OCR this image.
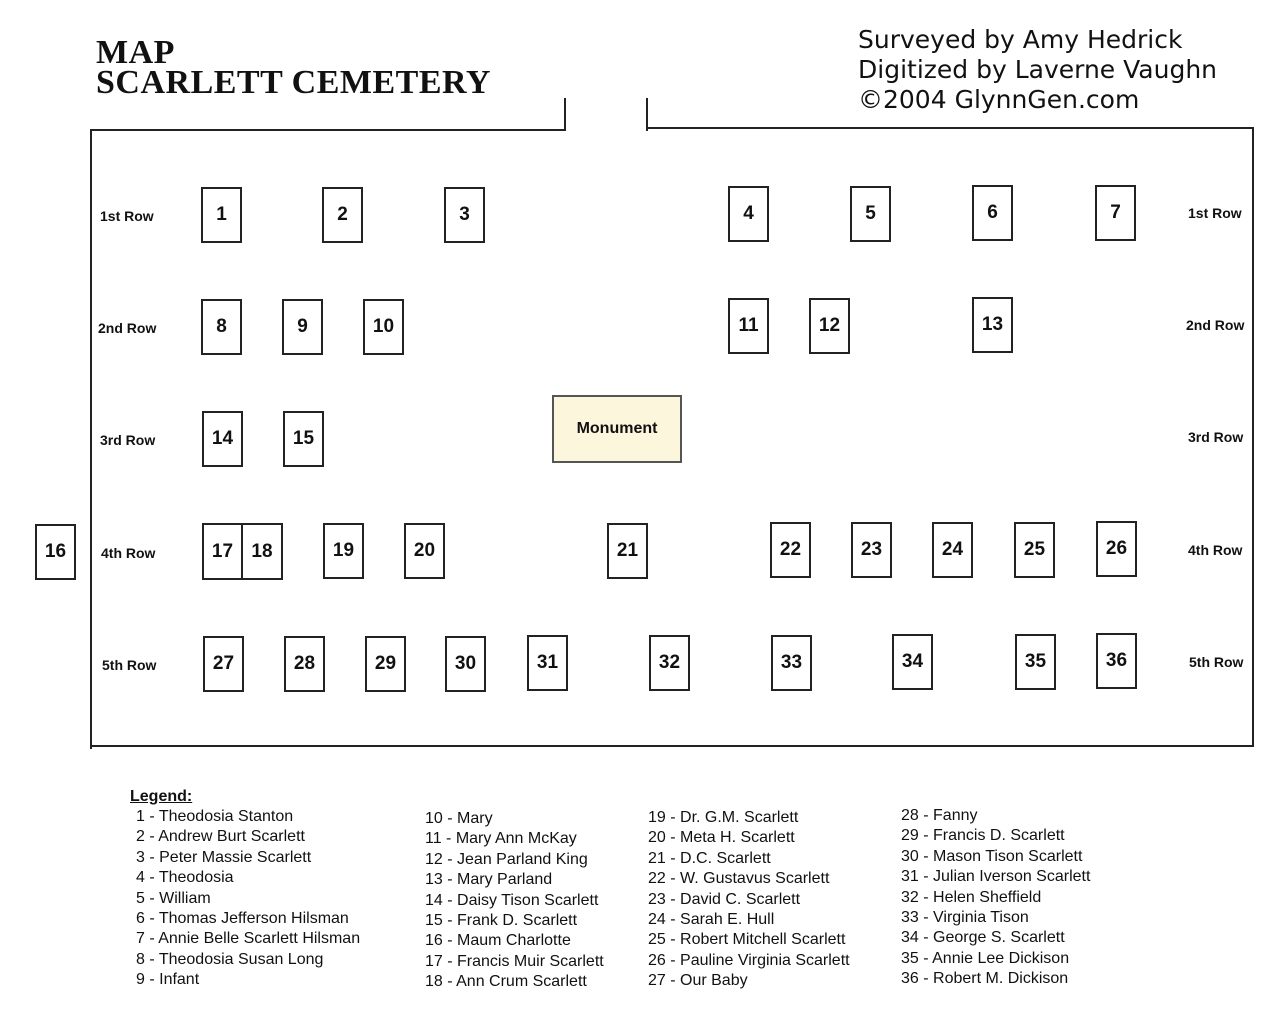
MAP
SCARLETT CEMETERY
Surveyed by Amy Hedrick
Digitized by Laverne Vaughn
©2004 GlynnGen.com
1st Row
2nd Row
3rd Row
4th Row
5th Row
1st Row
2nd Row
3rd Row
4th Row
5th Row
Monument
1	2	3	4	5	6	7
8	9	10	11	12	13
14	15
16	17 18	19	20	21	22	23	24	25	26
27	28	29	30	31	32	33	34	35	36
Legend:
1 - Theodosia Stanton
2 - Andrew Burt Scarlett
3 - Peter Massie Scarlett
4 - Theodosia
5 - William
6 - Thomas Jefferson Hilsman
7 - Annie Belle Scarlett Hilsman
8 - Theodosia Susan Long
9 - Infant
10 - Mary
11 - Mary Ann McKay
12 - Jean Parland King
13 - Mary Parland
14 - Daisy Tison Scarlett
15 - Frank D. Scarlett
16 - Maum Charlotte
17 - Francis Muir Scarlett
18 - Ann Crum Scarlett
19 - Dr. G.M. Scarlett
20 - Meta H. Scarlett
21 - D.C. Scarlett
22 - W. Gustavus Scarlett
23 - David C. Scarlett
24 - Sarah E. Hull
25 - Robert Mitchell Scarlett
26 - Pauline Virginia Scarlett
27 - Our Baby
28 - Fanny
29 - Francis D. Scarlett
30 - Mason Tison Scarlett
31 - Julian Iverson Scarlett
32 - Helen Sheffield
33 - Virginia Tison
34 - George S. Scarlett
35 - Annie Lee Dickison
36 - Robert M. Dickison
